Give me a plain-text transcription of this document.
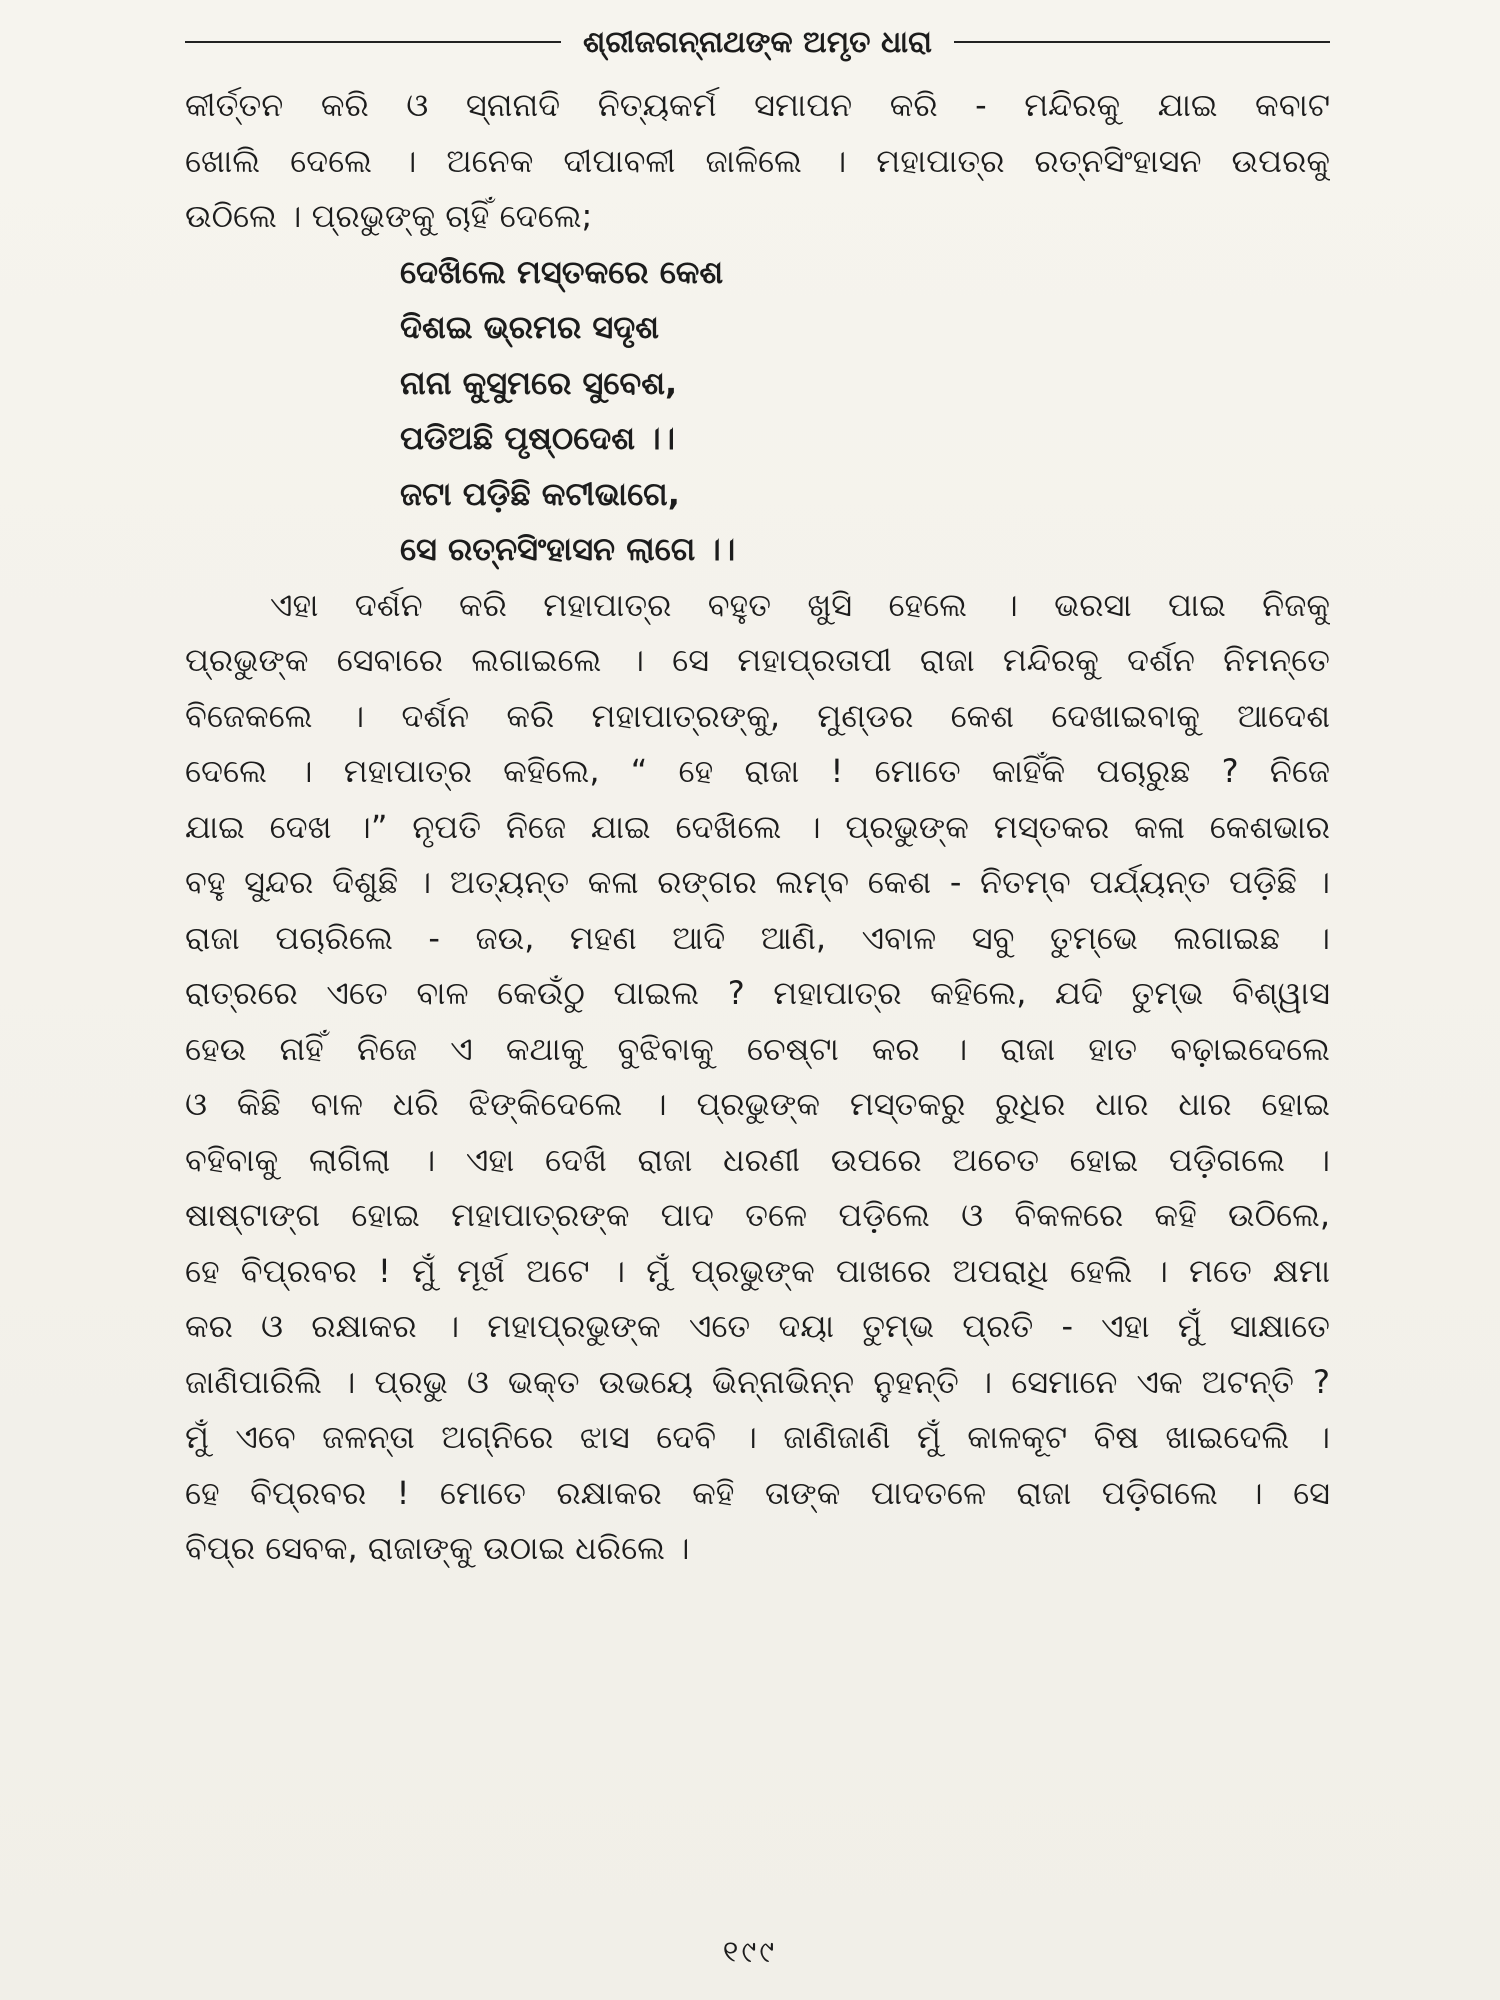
ଶ୍ରୀଜଗନ୍ନାଥଙ୍କ ଅମୃତ ଧାରା

କୀର୍ତ୍ତନ କରି ଓ ସ୍ନାନାଦି ନିତ୍ୟକର୍ମ ସମାପନ କରି - ମନ୍ଦିରକୁ ଯାଇ କବାଟ

ଖୋଲି ଦେଲେ । ଅନେକ ଦୀପାବଳୀ ଜାଳିଲେ । ମହାପାତ୍ର ରତ୍ନସିଂହାସନ ଉପରକୁ

ଉଠିଲେ । ପ୍ରଭୁଙ୍କୁ ଚାହିଁ ଦେଲେ;

ଦେଖିଲେ ମସ୍ତକରେ କେଶ

ଦିଶଇ ଭ୍ରମର ସଦୃଶ

ନାନା କୁସୁମରେ ସୁବେଶ,

ପଡିଅଛି ପୃଷ୍ଠଦେଶ ।।

ଜଟା ପଡ଼ିଛି କଟୀଭାଗେ,

ସେ ରତ୍ନସିଂହାସନ ଲାଗେ ।।

ଏହା ଦର୍ଶନ କରି ମହାପାତ୍ର ବହୁତ ଖୁସି ହେଲେ । ଭରସା ପାଇ ନିଜକୁ

ପ୍ରଭୁଙ୍କ ସେବାରେ ଲଗାଇଲେ । ସେ ମହାପ୍ରତାପୀ ରାଜା ମନ୍ଦିରକୁ ଦର୍ଶନ ନିମନ୍ତେ

ବିଜେକଲେ । ଦର୍ଶନ କରି ମହାପାତ୍ରଙ୍କୁ, ମୁଣ୍ଡର କେଶ ଦେଖାଇବାକୁ ଆଦେଶ

ଦେଲେ । ମହାପାତ୍ର କହିଲେ, “ ହେ ରାଜା ! ମୋତେ କାହିଁକି ପଚାରୁଛ ? ନିଜେ

ଯାଇ ଦେଖ ।” ନୃପତି ନିଜେ ଯାଇ ଦେଖିଲେ । ପ୍ରଭୁଙ୍କ ମସ୍ତକର କଳା କେଶଭାର

ବହୁ ସୁନ୍ଦର ଦିଶୁଛି । ଅତ୍ୟନ୍ତ କଳା ରଙ୍ଗର ଲମ୍ବ କେଶ - ନିତମ୍ବ ପର୍ଯ୍ୟନ୍ତ ପଡ଼ିଛି ।

ରାଜା ପଚାରିଲେ - ଜଉ, ମହଣ ଆଦି ଆଣି, ଏବାଳ ସବୁ ତୁମ୍ଭେ ଲଗାଇଛ ।

ରାତ୍ରରେ ଏତେ ବାଳ କେଉଁଠୁ ପାଇଲ ? ମହାପାତ୍ର କହିଲେ, ଯଦି ତୁମ୍ଭ ବିଶ୍ୱାସ

ହେଉ ନାହିଁ ନିଜେ ଏ କଥାକୁ ବୁଝିବାକୁ ଚେଷ୍ଟା କର । ରାଜା ହାତ ବଢ଼ାଇଦେଲେ

ଓ କିଛି ବାଳ ଧରି ଝିଙ୍କିଦେଲେ । ପ୍ରଭୁଙ୍କ ମସ୍ତକରୁ ରୁଧିର ଧାର ଧାର ହୋଇ

ବହିବାକୁ ଲାଗିଲା । ଏହା ଦେଖି ରାଜା ଧରଣୀ ଉପରେ ଅଚେତ ହୋଇ ପଡ଼ିଗଲେ ।

ଷାଷ୍ଟାଙ୍ଗ ହୋଇ ମହାପାତ୍ରଙ୍କ ପାଦ ତଳେ ପଡ଼ିଲେ ଓ ବିକଳରେ କହି ଉଠିଲେ,

ହେ ବିପ୍ରବର ! ମୁଁ ମୂର୍ଖ ଅଟେ । ମୁଁ ପ୍ରଭୁଙ୍କ ପାଖରେ ଅପରାଧି ହେଲି । ମତେ କ୍ଷମା

କର ଓ ରକ୍ଷାକର । ମହାପ୍ରଭୁଙ୍କ ଏତେ ଦୟା ତୁମ୍ଭ ପ୍ରତି - ଏହା ମୁଁ ସାକ୍ଷାତେ

ଜାଣିପାରିଲି । ପ୍ରଭୁ ଓ ଭକ୍ତ ଉଭୟେ ଭିନ୍ନାଭିନ୍ନ ନୁହନ୍ତି । ସେମାନେ ଏକ ଅଟନ୍ତି ?

ମୁଁ ଏବେ ଜଳନ୍ତା ଅଗ୍ନିରେ ଝାସ ଦେବି । ଜାଣିଜାଣି ମୁଁ କାଳକୂଟ ବିଷ ଖାଇଦେଲି ।

ହେ ବିପ୍ରବର ! ମୋତେ ରକ୍ଷାକର କହି ତାଙ୍କ ପାଦତଳେ ରାଜା ପଡ଼ିଗଲେ । ସେ

ବିପ୍ର ସେବକ, ରାଜାଙ୍କୁ ଉଠାଇ ଧରିଲେ ।

୧୯୯
